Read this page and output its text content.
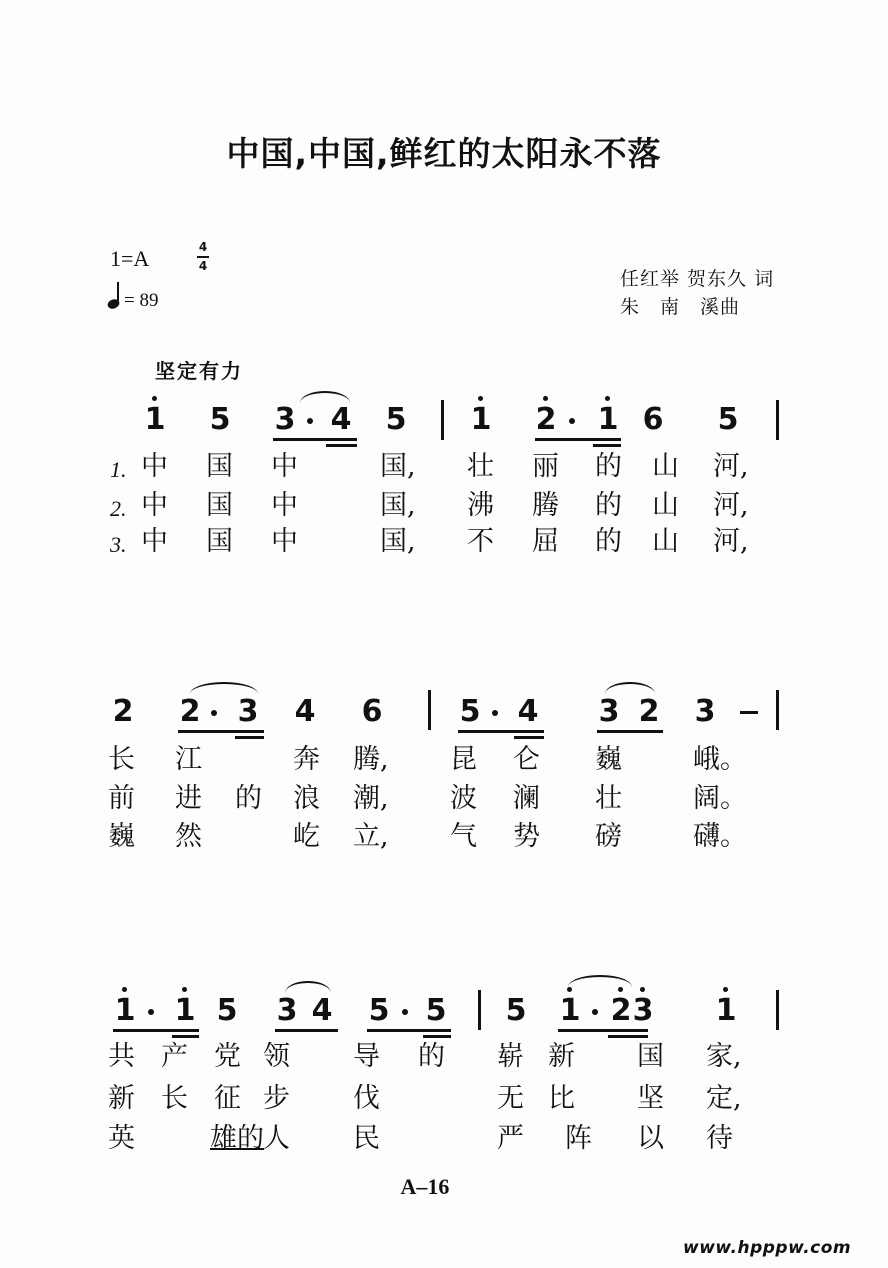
中国,中国,鲜红的太阳永不落
1=A	4
4
= 89
任红举 贺东久 词
朱　南　溪曲
坚定有力
1 5 3 4 5 1 2 1 6 5
1. 中 国 中	国, 壮 丽 的 山 河,
2. 中 国 中	国, 沸 腾 的 山 河,
3. 中 国 中	国, 不 屈 的 山 河,
2 2 3 4 6	5 4 3 2 3
长 江	奔 腾, 昆 仑 巍	峨。
前 进 的 浪 潮, 波 澜 壮	阔。
巍 然	屹 立, 气 势 磅	礴。
1 1 5 3 4 5 5 5 1 2 3 1
共 产 党 领 导 的 崭 新 国 家,
新 长 征 步 伐	无 比 坚 定,
英	雄的 人 民	严 阵 以 待
A–16
www.hpppw.com
